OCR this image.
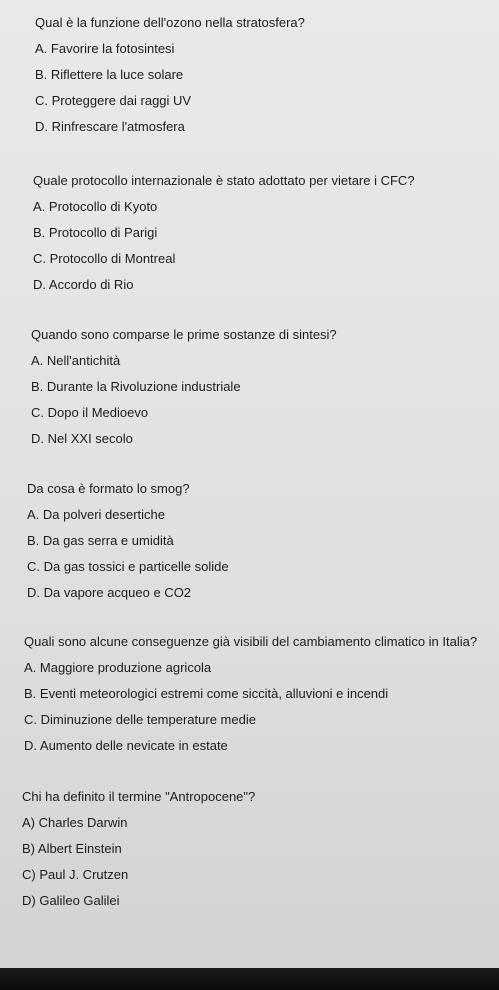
Qual è la funzione dell'ozono nella stratosfera?
A. Favorire la fotosintesi
B. Riflettere la luce solare
C. Proteggere dai raggi UV
D. Rinfrescare l'atmosfera
Quale protocollo internazionale è stato adottato per vietare i CFC?
A. Protocollo di Kyoto
B. Protocollo di Parigi
C. Protocollo di Montreal
D. Accordo di Rio
Quando sono comparse le prime sostanze di sintesi?
A. Nell'antichità
B. Durante la Rivoluzione industriale
C. Dopo il Medioevo
D. Nel XXI secolo
Da cosa è formato lo smog?
A. Da polveri desertiche
B. Da gas serra e umidità
C. Da gas tossici e particelle solide
D. Da vapore acqueo e CO2
Quali sono alcune conseguenze già visibili del cambiamento climatico in Italia?
A. Maggiore produzione agricola
B. Eventi meteorologici estremi come siccità, alluvioni e incendi
C. Diminuzione delle temperature medie
D. Aumento delle nevicate in estate
Chi ha definito il termine "Antropocene"?
A) Charles Darwin
B) Albert Einstein
C) Paul J. Crutzen
D) Galileo Galilei
